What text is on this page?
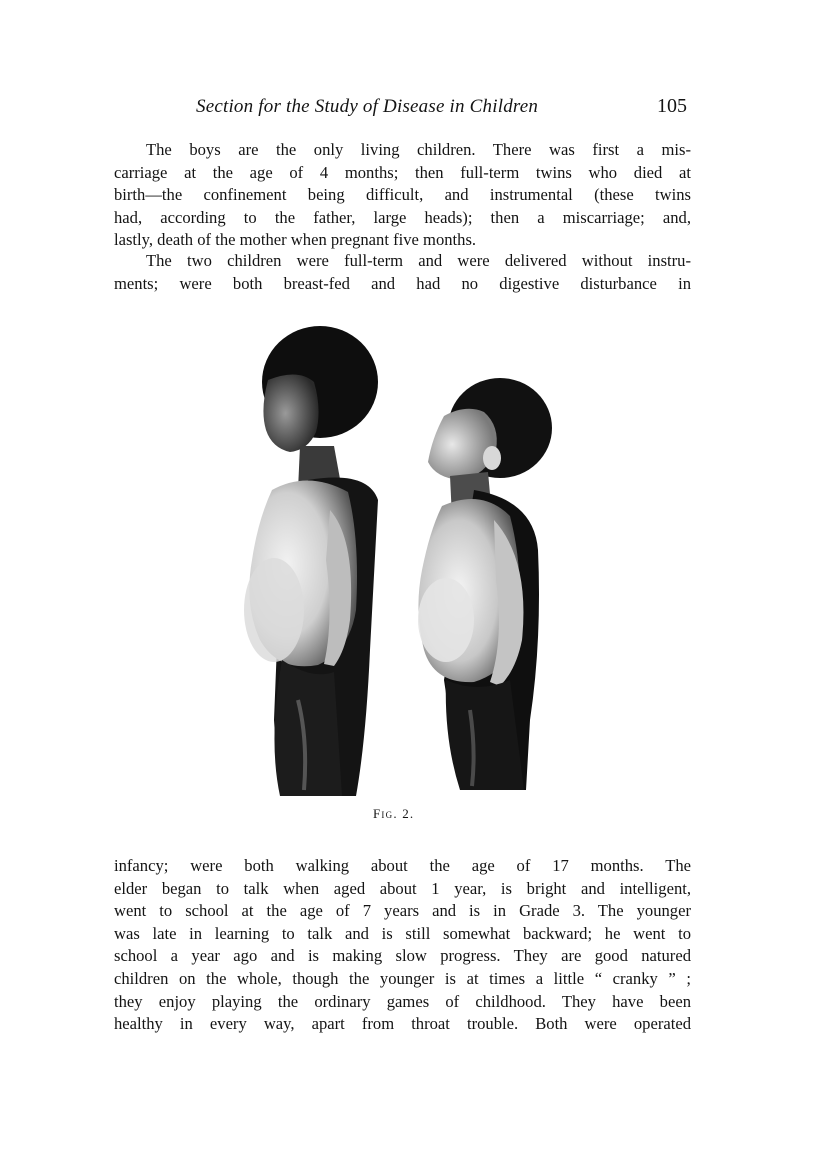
Section for the Study of Disease in Children	105
The boys are the only living children. There was first a mis-
carriage at the age of 4 months; then full-term twins who died at
birth—the confinement being difficult, and instrumental (these twins
had, according to the father, large heads); then a miscarriage; and,
lastly, death of the mother when pregnant five months.
The two children were full-term and were delivered without instru-
ments; were both breast-fed and had no digestive disturbance in
Fig. 2.
infancy; were both walking about the age of 17 months. The
elder began to talk when aged about 1 year, is bright and intelligent,
went to school at the age of 7 years and is in Grade 3. The younger
was late in learning to talk and is still somewhat backward; he went to
school a year ago and is making slow progress. They are good natured
children on the whole, though the younger is at times a little “ cranky ” ;
they enjoy playing the ordinary games of childhood. They have been
healthy in every way, apart from throat trouble. Both were operated
